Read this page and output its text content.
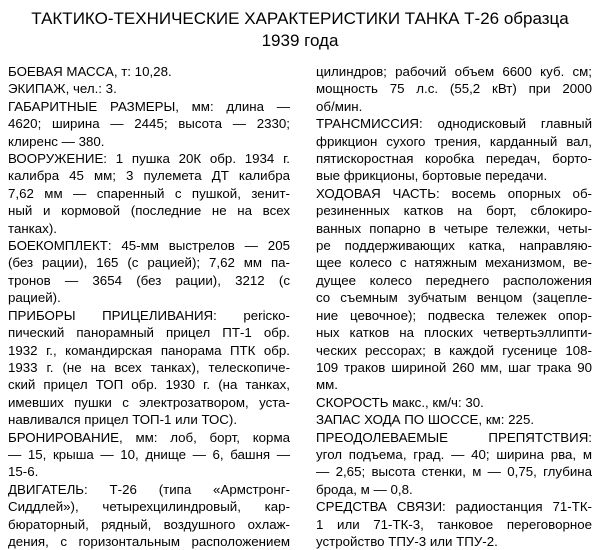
ТАКТИКО-ТЕХНИЧЕСКИЕ ХАРАКТЕРИСТИКИ ТАНКА Т-26 образца
1939 года
БОЕВАЯ МАССА, т: 10,28.
ЭКИПАЖ, чел.: 3.
ГАБАРИТНЫЕ РАЗМЕРЫ, мм: длина —
4620; ширина — 2445; высота — 2330;
клиренс — 380.
ВООРУЖЕНИЕ: 1 пушка 20К обр. 1934 г.
калибра 45 мм; 3 пулемета ДТ калибра
7,62 мм — спаренный с пушкой, зенит-
ный и кормовой (последние не на всех
танках).
БОЕКОМПЛЕКТ: 45-мм выстрелов — 205
(без рации), 165 (с рацией); 7,62 мм па-
тронов — 3654 (без рации), 3212 (с
рацией).
ПРИБОРЫ ПРИЦЕЛИВАНИЯ: periско-
пический панорамный прицел ПТ-1 обр.
1932 г., командирская панорама ПТК обр.
1933 г. (не на всех танках), телескопиче-
ский прицел ТОП обр. 1930 г. (на танках,
имевших пушки с электрозатвором, уста-
навливался прицел ТОП-1 или ТОС).
БРОНИРОВАНИЕ, мм: лоб, борт, корма
— 15, крыша — 10, днище — 6, башня —
15-6.
ДВИГАТЕЛЬ: Т-26 (типа «Армстронг-
Сиддлей»), четырехцилиндровый, кар-
бюраторный, рядный, воздушного охлаж-
дения, с горизонтальным расположением
цилиндров; рабочий объем 6600 куб. см;
мощность 75 л.с. (55,2 кВт) при 2000
об/мин.
ТРАНСМИССИЯ: однодисковый главный
фрикцион сухого трения, карданный вал,
пятискоростная коробка передач, борто-
вые фрикционы, бортовые передачи.
ХОДОВАЯ ЧАСТЬ: восемь опорных об-
резиненных катков на борт, сблокиро-
ванных попарно в четыре тележки, четы-
ре поддерживающих катка, направляю-
щее колесо с натяжным механизмом, ве-
дущее колесо переднего расположения
со съемным зубчатым венцом (зацепле-
ние цевочное); подвеска тележек опор-
ных катков на плоских четвертьэллипти-
ческих рессорах; в каждой гусенице 108-
109 траков шириной 260 мм, шаг трака 90
мм.
СКОРОСТЬ макс., км/ч: 30.
ЗАПАС ХОДА ПО ШОССЕ, км: 225.
ПРЕОДОЛЕВАЕМЫЕ ПРЕПЯТСТВИЯ:
угол подъема, град. — 40; ширина рва, м
— 2,65; высота стенки, м — 0,75, глубина
брода, м — 0,8.
СРЕДСТВА СВЯЗИ: радиостанция 71-ТК-
1 или 71-ТК-3, танковое переговорное
устройство ТПУ-3 или ТПУ-2.
